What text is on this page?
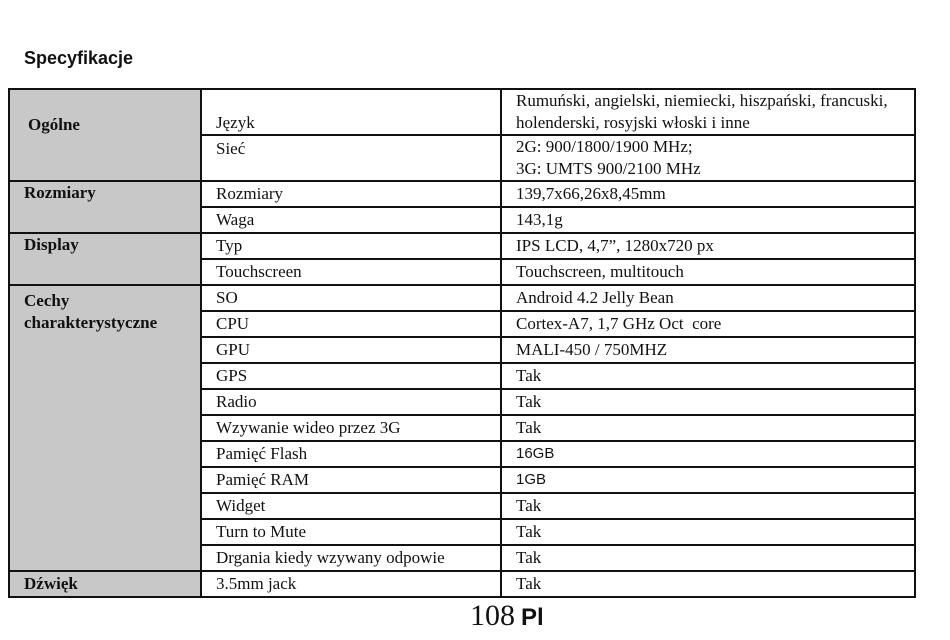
Specyfikacje
Ogólne	Język	Rumuński, angielski, niemiecki, hiszpański, francuski, holenderski, rosyjski włoski i inne
	Sieć	2G: 900/1800/1900 MHz;
3G: UMTS 900/2100 MHz

Rozmiary	Rozmiary	139,7x66,26x8,45mm
	Waga	143,1g
Display	Typ	IPS LCD, 4,7”, 1280x720 px
	Touchscreen	Touchscreen, multitouch
Cechy charakterystyczne	SO	Android 4.2 Jelly Bean
	CPU	Cortex-A7, 1,7 GHz Oct  core
	GPU	MALI-450 / 750MHZ
	GPS	Tak
	Radio	Tak
	Wzywanie wideo przez 3G	Tak
	Pamięć Flash	16GB
	Pamięć RAM	1GB
	Widget	Tak
	Turn to Mute	Tak
	Drgania kiedy wzywany odpowie	Tak
Dźwięk	3.5mm jack	Tak
108 Pl
